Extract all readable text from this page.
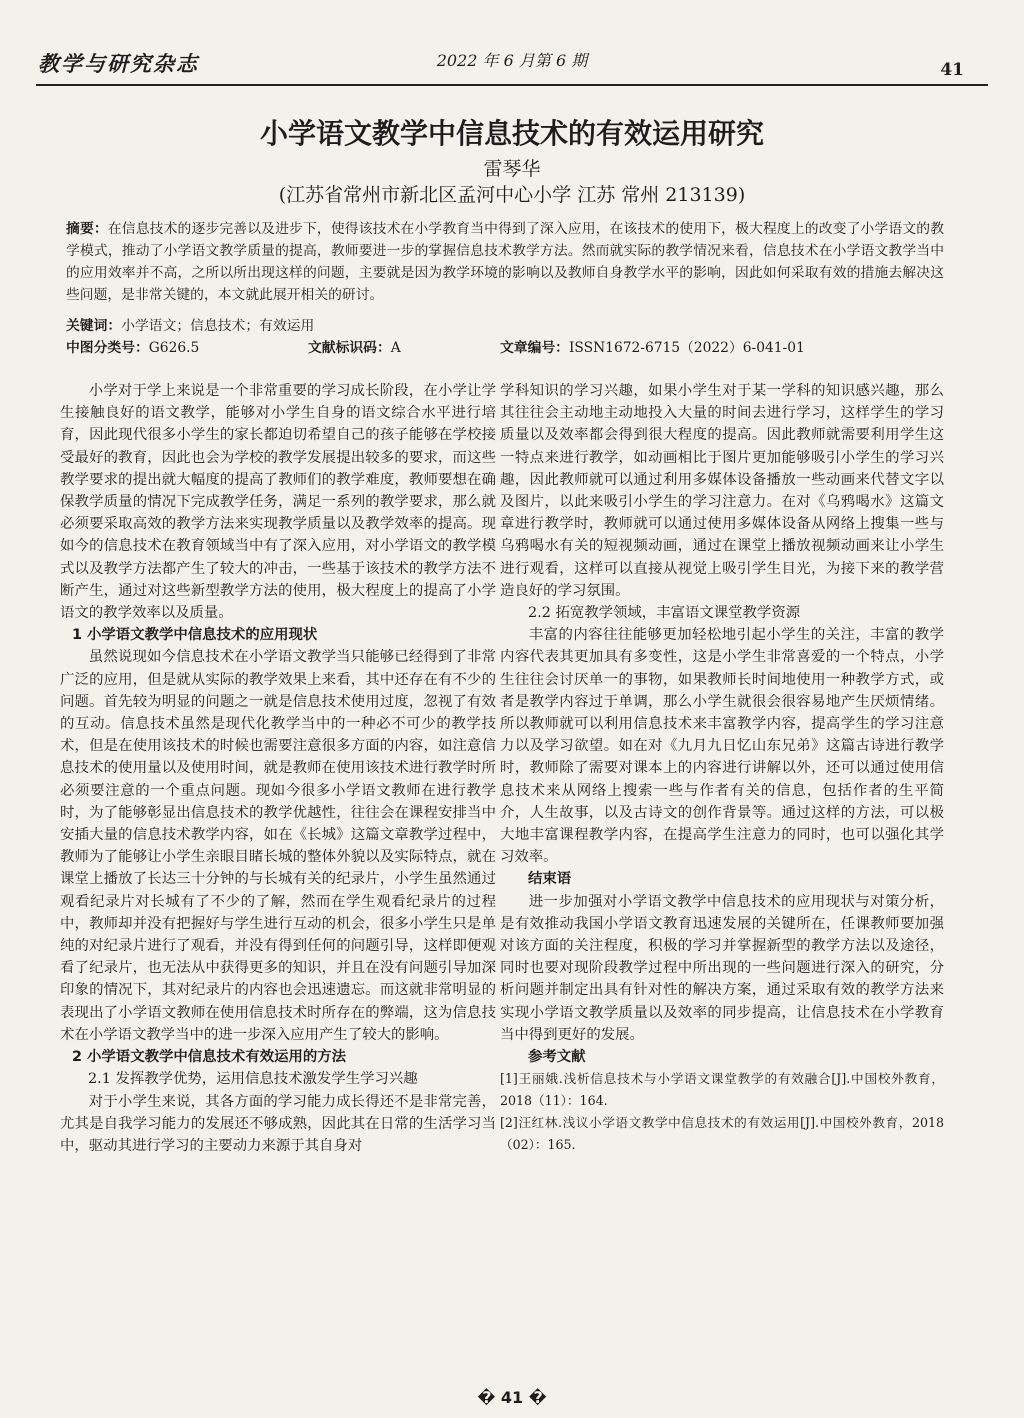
教学与研究杂志	2022 年 6 月第 6 期	41
小学语文教学中信息技术的有效运用研究
雷琴华
(江苏省常州市新北区孟河中心小学 江苏 常州 213139)
摘要：在信息技术的逐步完善以及进步下，使得该技术在小学教育当中得到了深入应用，在该技术的使用下，极大程度上的改变了小学语文的教学模式，推动了小学语文教学质量的提高，教师要进一步的掌握信息技术教学方法。然而就实际的教学情况来看，信息技术在小学语文教学当中的应用效率并不高，之所以所出现这样的问题，主要就是因为教学环境的影响以及教师自身教学水平的影响，因此如何采取有效的措施去解决这些问题，是非常关键的，本文就此展开相关的研讨。
关键词：小学语文；信息技术；有效运用
中图分类号：G626.5	文献标识码：A	文章编号：ISSN1672-6715（2022）6-041-01

小学对于学上来说是一个非常重要的学习成长阶段，在小学让学生接触良好的语文教学，能够对小学生自身的语文综合水平进行培育，因此现代很多小学生的家长都迫切希望自己的孩子能够在学校接受最好的教育，因此也会为学校的教学发展提出较多的要求，而这些教学要求的提出就大幅度的提高了教师们的教学难度，教师要想在确保教学质量的情况下完成教学任务，满足一系列的教学要求，那么就必须要采取高效的教学方法来实现教学质量以及教学效率的提高。现如今的信息技术在教育领域当中有了深入应用，对小学语文的教学模式以及教学方法都产生了较大的冲击，一些基于该技术的教学方法不断产生，通过对这些新型教学方法的使用，极大程度上的提高了小学语文的教学效率以及质量。

1 小学语文教学中信息技术的应用现状

虽然说现如今信息技术在小学语文教学当只能够已经得到了非常广泛的应用，但是就从实际的教学效果上来看，其中还存在有不少的问题。首先较为明显的问题之一就是信息技术使用过度，忽视了有效的互动。信息技术虽然是现代化教学当中的一种必不可少的教学技术，但是在使用该技术的时候也需要注意很多方面的内容，如注意信息技术的使用量以及使用时间，就是教师在使用该技术进行教学时所必须要注意的一个重点问题。现如今很多小学语文教师在进行教学时，为了能够彰显出信息技术的教学优越性，往往会在课程安排当中安插大量的信息技术教学内容，如在《长城》这篇文章教学过程中，教师为了能够让小学生亲眼目睹长城的整体外貌以及实际特点，就在课堂上播放了长达三十分钟的与长城有关的纪录片，小学生虽然通过观看纪录片对长城有了不少的了解，然而在学生观看纪录片的过程中，教师却并没有把握好与学生进行互动的机会，很多小学生只是单纯的对纪录片进行了观看，并没有得到任何的问题引导，这样即便观看了纪录片，也无法从中获得更多的知识，并且在没有问题引导加深印象的情况下，其对纪录片的内容也会迅速遗忘。而这就非常明显的表现出了小学语文教师在使用信息技术时所存在的弊端，这为信息技术在小学语文教学当中的进一步深入应用产生了较大的影响。

2 小学语文教学中信息技术有效运用的方法

2.1 发挥教学优势，运用信息技术激发学生学习兴趣

对于小学生来说，其各方面的学习能力成长得还不是非常完善，尤其是自我学习能力的发展还不够成熟，因此其在日常的生活学习当中，驱动其进行学习的主要动力来源于其自身对

学科知识的学习兴趣，如果小学生对于某一学科的知识感兴趣，那么其往往会主动地主动地投入大量的时间去进行学习，这样学生的学习质量以及效率都会得到很大程度的提高。因此教师就需要利用学生这一特点来进行教学，如动画相比于图片更加能够吸引小学生的学习兴趣，因此教师就可以通过利用多媒体设备播放一些动画来代替文字以及图片，以此来吸引小学生的学习注意力。在对《乌鸦喝水》这篇文章进行教学时，教师就可以通过使用多媒体设备从网络上搜集一些与乌鸦喝水有关的短视频动画，通过在课堂上播放视频动画来让小学生进行观看，这样可以直接从视觉上吸引学生目光，为接下来的教学营造良好的学习氛围。

2.2 拓宽教学领域，丰富语文课堂教学资源

丰富的内容往往能够更加轻松地引起小学生的关注，丰富的教学内容代表其更加具有多变性，这是小学生非常喜爱的一个特点，小学生往往会讨厌单一的事物，如果教师长时间地使用一种教学方式，或者是教学内容过于单调，那么小学生就很会很容易地产生厌烦情绪。所以教师就可以利用信息技术来丰富教学内容，提高学生的学习注意力以及学习欲望。如在对《九月九日忆山东兄弟》这篇古诗进行教学时，教师除了需要对课本上的内容进行讲解以外，还可以通过使用信息技术来从网络上搜索一些与作者有关的信息，包括作者的生平简介，人生故事，以及古诗文的创作背景等。通过这样的方法，可以极大地丰富课程教学内容，在提高学生注意力的同时，也可以强化其学习效率。

结束语

进一步加强对小学语文教学中信息技术的应用现状与对策分析，是有效推动我国小学语文教育迅速发展的关键所在，任课教师要加强对该方面的关注程度，积极的学习并掌握新型的教学方法以及途径，同时也要对现阶段教学过程中所出现的一些问题进行深入的研究，分析问题并制定出具有针对性的解决方案，通过采取有效的教学方法来实现小学语文教学质量以及效率的同步提高，让信息技术在小学教育当中得到更好的发展。

参考文献

[1]王丽娥.浅析信息技术与小学语文课堂教学的有效融合[J].中国校外教育，2018（11）：164.

[2]汪红林.浅议小学语文教学中信息技术的有效运用[J].中国校外教育，2018（02）：165.

� 41 �
